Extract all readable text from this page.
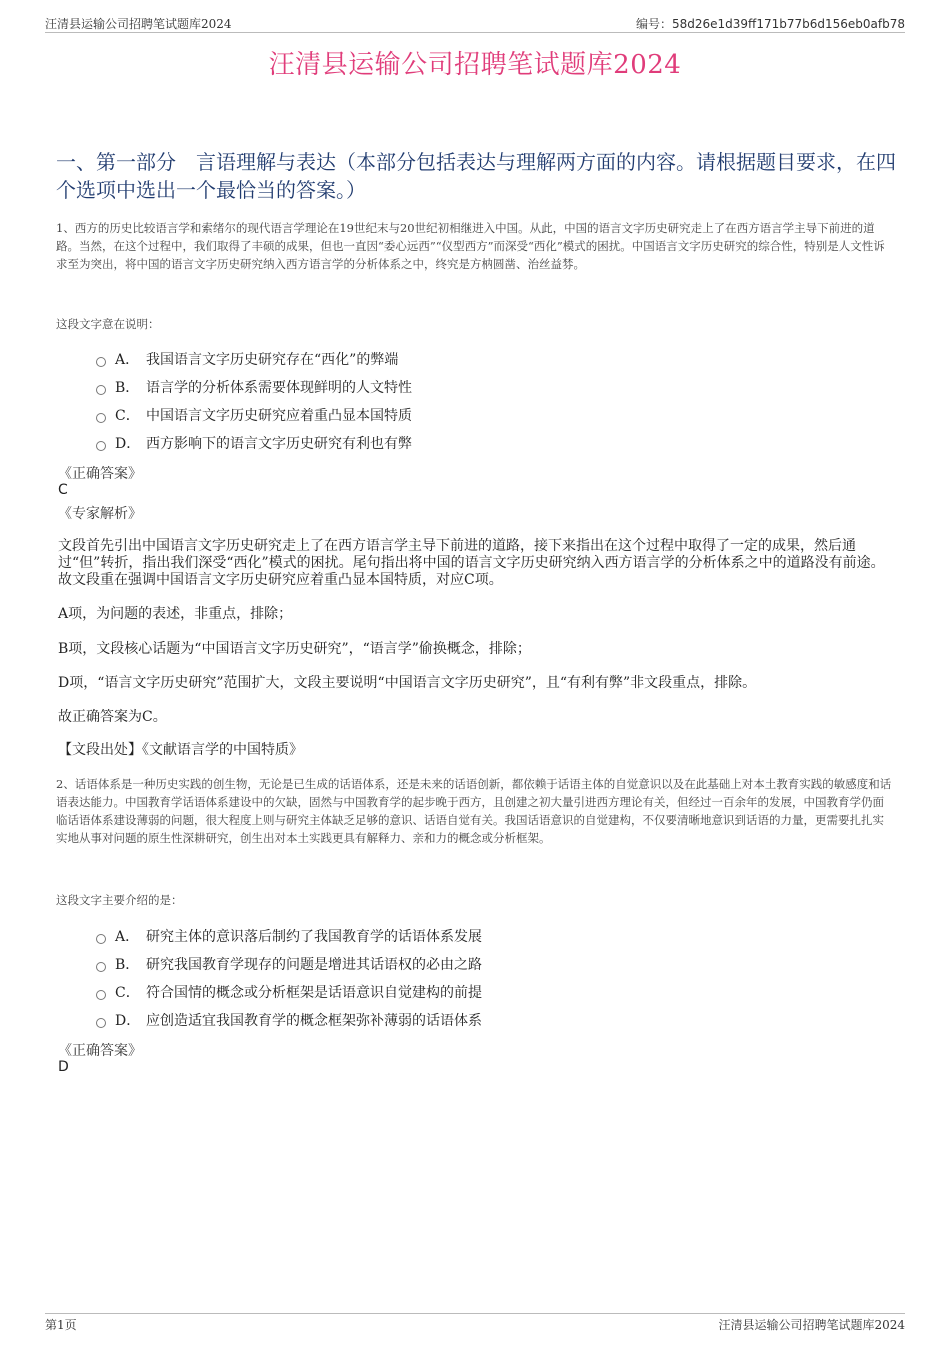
汪清县运输公司招聘笔试题库2024	编号：58d26e1d39ff171b77b6d156eb0afb78
汪清县运输公司招聘笔试题库2024
一、第一部分　言语理解与表达（本部分包括表达与理解两方面的内容。请根据题目要求，在四个选项中选出一个最恰当的答案。）

1、西方的历史比较语言学和索绪尔的现代语言学理论在19世纪末与20世纪初相继进入中国。从此，中国的语言文字历史研究走上了在西方语言学主导下前进的道路。当然，在这个过程中，我们取得了丰硕的成果，但也一直因“委心远西”“仪型西方”而深受“西化”模式的困扰。中国语言文字历史研究的综合性，特别是人文性诉求至为突出，将中国的语言文字历史研究纳入西方语言学的分析体系之中，终究是方枘圆凿、治丝益棼。

这段文字意在说明：
A． 我国语言文字历史研究存在“西化”的弊端
B． 语言学的分析体系需要体现鲜明的人文特性
C． 中国语言文字历史研究应着重凸显本国特质
D． 西方影响下的语言文字历史研究有利也有弊
《正确答案》
C
《专家解析》
文段首先引出中国语言文字历史研究走上了在西方语言学主导下前进的道路，接下来指出在这个过程中取得了一定的成果，然后通过“但”转折，指出我们深受“西化”模式的困扰。尾句指出将中国的语言文字历史研究纳入西方语言学的分析体系之中的道路没有前途。故文段重在强调中国语言文字历史研究应着重凸显本国特质，对应C项。
A项，为问题的表述，非重点，排除；
B项，文段核心话题为“中国语言文字历史研究”，“语言学”偷换概念，排除；
D项，“语言文字历史研究”范围扩大，文段主要说明“中国语言文字历史研究”，且“有利有弊”非文段重点，排除。
故正确答案为C。
【文段出处】《文献语言学的中国特质》

2、话语体系是一种历史实践的创生物，无论是已生成的话语体系，还是未来的话语创新，都依赖于话语主体的自觉意识以及在此基础上对本土教育实践的敏感度和话语表达能力。中国教育学话语体系建设中的欠缺，固然与中国教育学的起步晚于西方，且创建之初大量引进西方理论有关，但经过一百余年的发展，中国教育学仍面临话语体系建设薄弱的问题，很大程度上则与研究主体缺乏足够的意识、话语自觉有关。我国话语意识的自觉建构，不仅要清晰地意识到话语的力量，更需要扎扎实实地从事对问题的原生性深耕研究，创生出对本土实践更具有解释力、亲和力的概念或分析框架。

这段文字主要介绍的是：
A． 研究主体的意识落后制约了我国教育学的话语体系发展
B． 研究我国教育学现存的问题是增进其话语权的必由之路
C． 符合国情的概念或分析框架是话语意识自觉建构的前提
D． 应创造适宜我国教育学的概念框架弥补薄弱的话语体系
《正确答案》
D
第1页	汪清县运输公司招聘笔试题库2024
